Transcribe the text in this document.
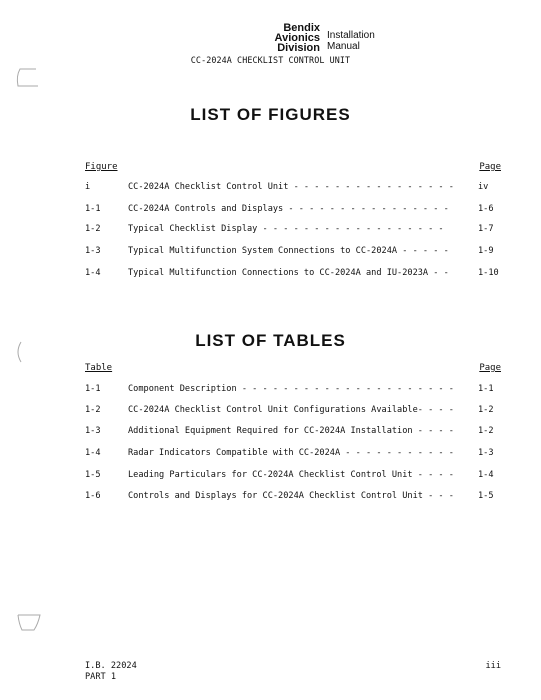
Bendix
Avionics
Division
Installation
Manual
CC-2024A CHECKLIST CONTROL UNIT
LIST OF FIGURES
Figure	Page
i	CC-2024A Checklist Control Unit - - - - - - - - - - - - - - - -	iv
1-1	CC-2024A Controls and Displays - - - - - - - - - - - - - - - -	1-6
1-2	Typical Checklist Display - - - - - - - - - - - - - - - - - -	1-7
1-3	Typical Multifunction System Connections to CC-2024A - - - - -	1-9
1-4	Typical Multifunction Connections to CC-2024A and IU-2023A - -	1-10
LIST OF TABLES
Table	Page
1-1	Component Description - - - - - - - - - - - - - - - - - - - - -	1-1
1-2	CC-2024A Checklist Control Unit Configurations Available- - - -	1-2
1-3	Additional Equipment Required for CC-2024A Installation - - - -	1-2
1-4	Radar Indicators Compatible with CC-2024A - - - - - - - - - - -	1-3
1-5	Leading Particulars for CC-2024A Checklist Control Unit - - - -	1-4
1-6	Controls and Displays for CC-2024A Checklist Control Unit - - -	1-5
I.B. 22024
PART 1
iii
